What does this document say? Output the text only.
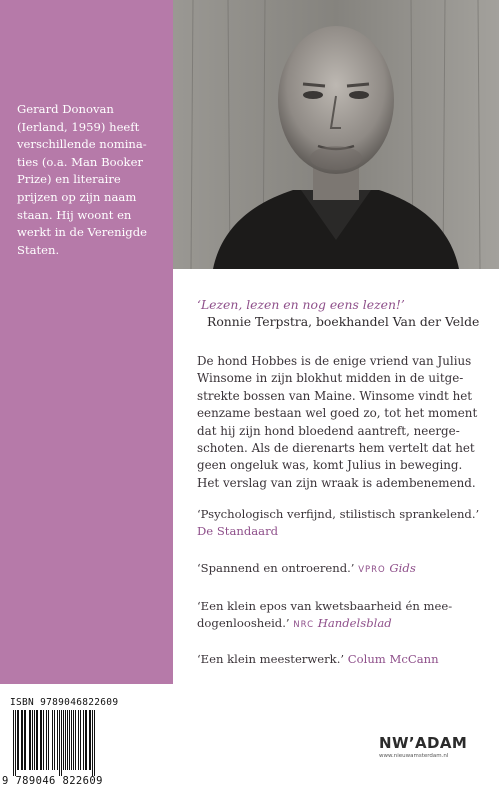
Gerard Donovan
(Ierland, 1959) heeft
verschillende nomina-
ties (o.a. Man Booker
Prize) en literaire
prijzen op zijn naam
staan. Hij woont en
werkt in de Verenigde
Staten.
‘Lezen, lezen en nog eens lezen!’
Ronnie Terpstra, boekhandel Van der Velde
De hond Hobbes is de enige vriend van Julius
Winsome in zijn blokhut midden in de uitge-
strekte bossen van Maine. Winsome vindt het
eenzame bestaan wel goed zo, tot het moment
dat hij zijn hond bloedend aantreft, neerge-
schoten. Als de dierenarts hem vertelt dat het
geen ongeluk was, komt Julius in beweging.
Het verslag van zijn wraak is adembenemend.
‘Psychologisch verfijnd, stilistisch sprankelend.’
De Standaard
‘Spannend en ontroerend.’ VPRO Gids
‘Een klein epos van kwetsbaarheid én mee-
dogenloosheid.’ NRC Handelsblad
‘Een klein meesterwerk.’ Colum McCann
ISBN 9789046822609
9 789046 822609
NW’ADAM
www.nieuwamsterdam.nl
